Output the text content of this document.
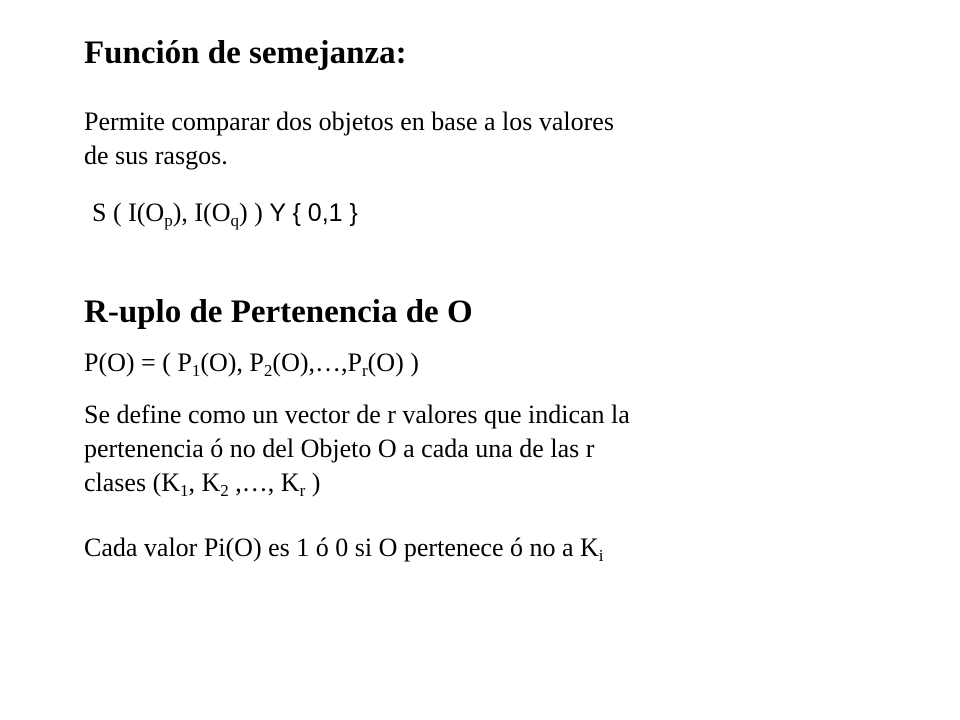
Función de semejanza:
Permite comparar dos objetos en base a los valores
de sus rasgos.
S ( $I(O_p)$, $I(O_q)$ ) Y { 0,1 }
R-uplo de Pertenencia de O
P(O) = ( $P_1(O)$, $P_2(O),\dots,P_r(O)$ )
Se define como un vector de r valores que indican la
pertenencia ó no del Objeto O a cada una de las r
clases ($K_1$, $K_2$ ,…, $K_r$ )
Cada valor Pi(O) es 1 ó 0 si O pertenece ó no a $K_i$
